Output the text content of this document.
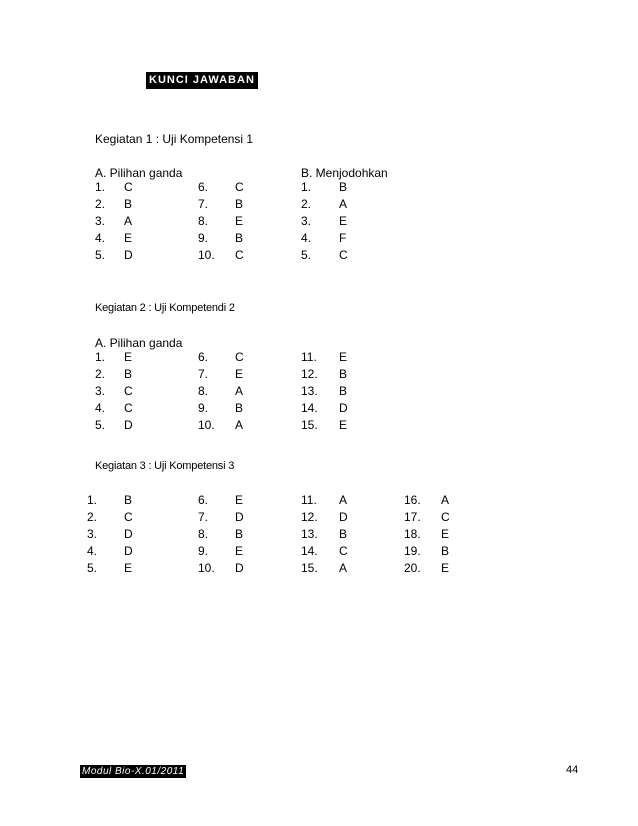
KUNCI JAWABAN
Kegiatan 1 : Uji Kompetensi 1
A. Pilihan ganda	B. Menjodohkan
1. C
2. B
3. A
4. E
5. D
6. C
7. B
8. E
9. B
10. C
1. B
2. A
3. E
4. F
5. C
Kegiatan 2 : Uji Kompetendi 2
A. Pilihan ganda
1. E
2. B
3. C
4. C
5. D
6. C
7. E
8. A
9. B
10. A
11. E
12. B
13. B
14. D
15. E
Kegiatan 3 : Uji Kompetensi 3
1. B
2. C
3. D
4. D
5. E
6. E
7. D
8. B
9. E
10. D
11. A
12. D
13. B
14. C
15. A
16. A
17. C
18. E
19. B
20. E
Modul Bio-X.01/2011	44
